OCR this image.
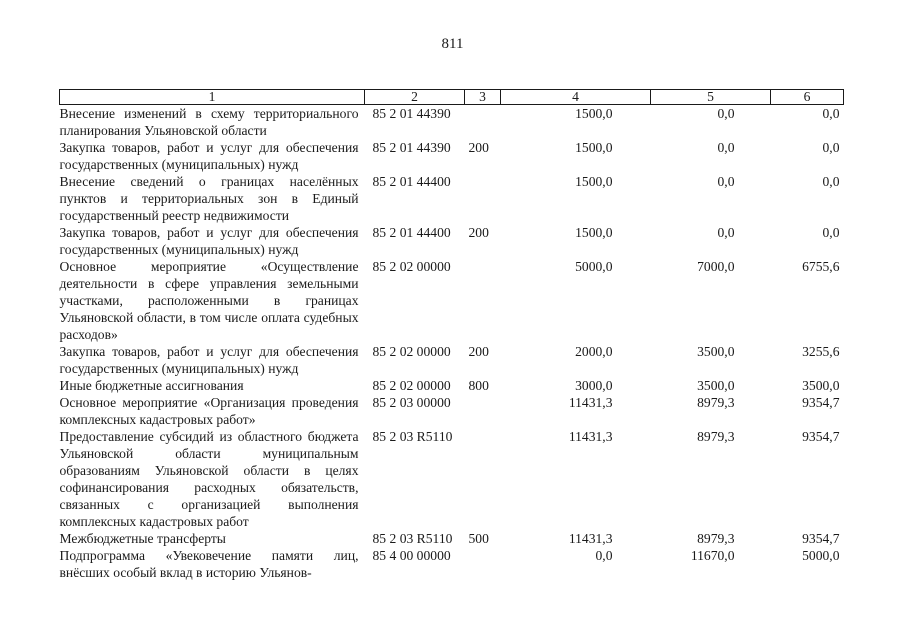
811
1	2	3	4	5	6
Внесение изменений в схему территориального планирования Ульяновской области	85 2 01 44390		1500,0	0,0	0,0
Закупка товаров, работ и услуг для обеспечения государственных (муниципальных) нужд	85 2 01 44390	200	1500,0	0,0	0,0
Внесение сведений о границах населённых пунктов и территориальных зон в Единый государственный реестр недвижимости	85 2 01 44400		1500,0	0,0	0,0
Закупка товаров, работ и услуг для обеспечения государственных (муниципальных) нужд	85 2 01 44400	200	1500,0	0,0	0,0
Основное мероприятие «Осуществление деятельности в сфере управления земельными участками, расположенными в границах Ульяновской области, в том числе оплата судебных расходов»	85 2 02 00000		5000,0	7000,0	6755,6
Закупка товаров, работ и услуг для обеспечения государственных (муниципальных) нужд	85 2 02 00000	200	2000,0	3500,0	3255,6
Иные бюджетные ассигнования	85 2 02 00000	800	3000,0	3500,0	3500,0
Основное мероприятие «Организация проведения комплексных кадастровых работ»	85 2 03 00000		11431,3	8979,3	9354,7
Предоставление субсидий из областного бюджета Ульяновской области муниципальным образованиям Ульяновской области в целях софинансирования расходных обязательств, связанных с организацией выполнения комплексных кадастровых работ	85 2 03 R5110		11431,3	8979,3	9354,7
Межбюджетные трансферты	85 2 03 R5110	500	11431,3	8979,3	9354,7
Подпрограмма «Увековечение памяти лиц, внёсших особый вклад в историю Ульянов-	85 4 00 00000		0,0	11670,0	5000,0
